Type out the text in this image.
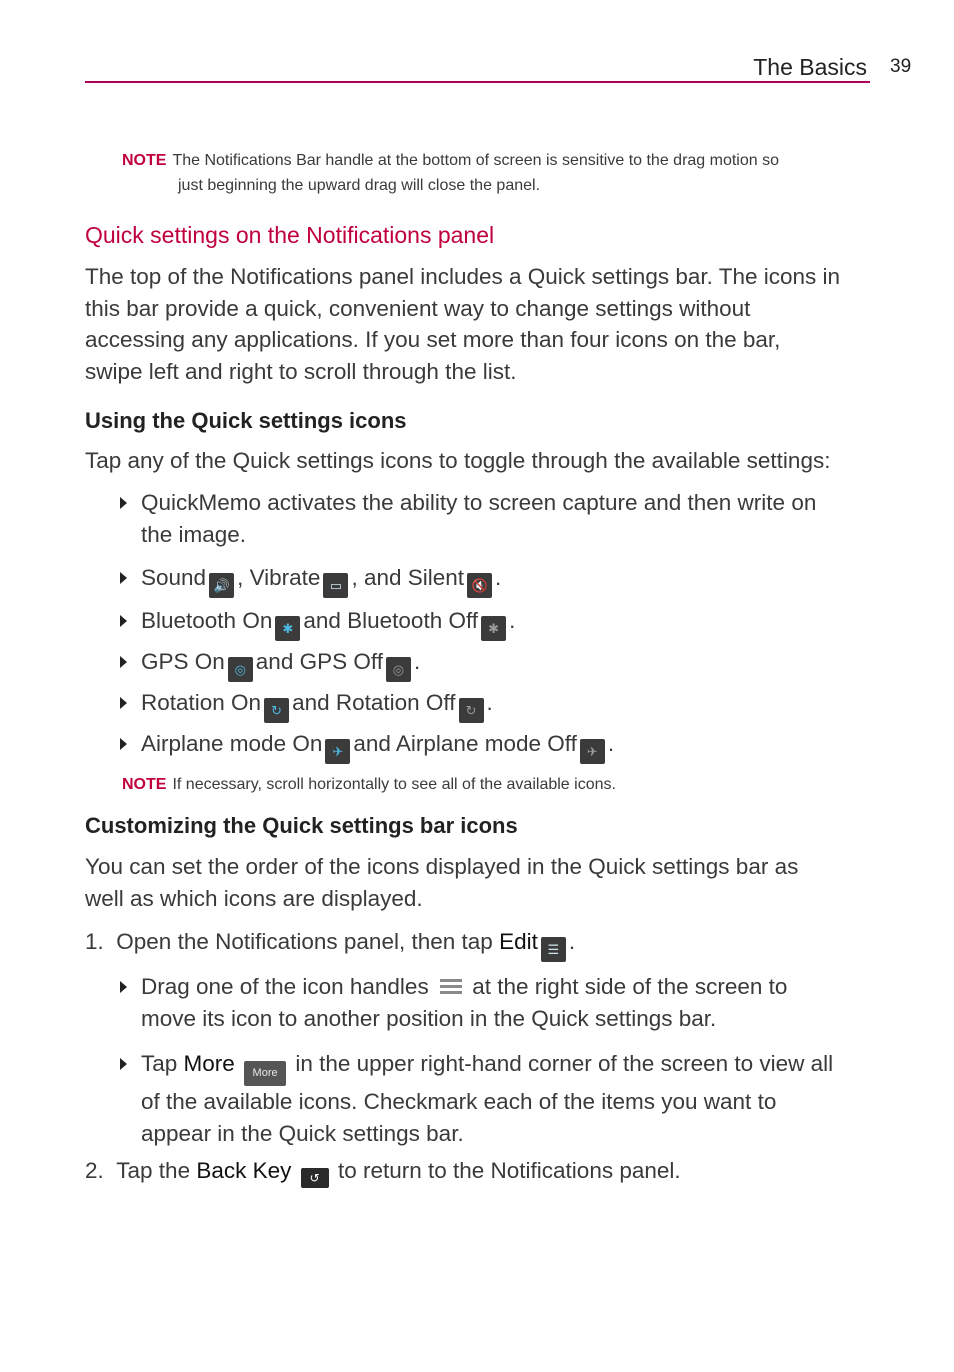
The Basics 39
NOTE The Notifications Bar handle at the bottom of screen is sensitive to the drag motion so
just beginning the upward drag will close the panel.
Quick settings on the Notifications panel
The top of the Notifications panel includes a Quick settings bar. The icons in
this bar provide a quick, convenient way to change settings without
accessing any applications. If you set more than four icons on the bar,
swipe left and right to scroll through the list.
Using the Quick settings icons
Tap any of the Quick settings icons to toggle through the available settings:
QuickMemo activates the ability to screen capture and then write on
the image.
Sound 🔊 , Vibrate ▭ , and Silent 🔇 .
Bluetooth On ✱ and Bluetooth Off ✱ .
GPS On ◎ and GPS Off ◎ .
Rotation On ↻ and Rotation Off ↻ .
Airplane mode On ✈ and Airplane mode Off ✈ .
NOTE If necessary, scroll horizontally to see all of the available icons.
Customizing the Quick settings bar icons
You can set the order of the icons displayed in the Quick settings bar as
well as which icons are displayed.
1. Open the Notifications panel, then tap Edit ☰ .
Drag one of the icon handles at the right side of the screen to
move its icon to another position in the Quick settings bar.
Tap More More in the upper right-hand corner of the screen to view all
of the available icons. Checkmark each of the items you want to
appear in the Quick settings bar.
2. Tap the Back Key ↺ to return to the Notifications panel.
